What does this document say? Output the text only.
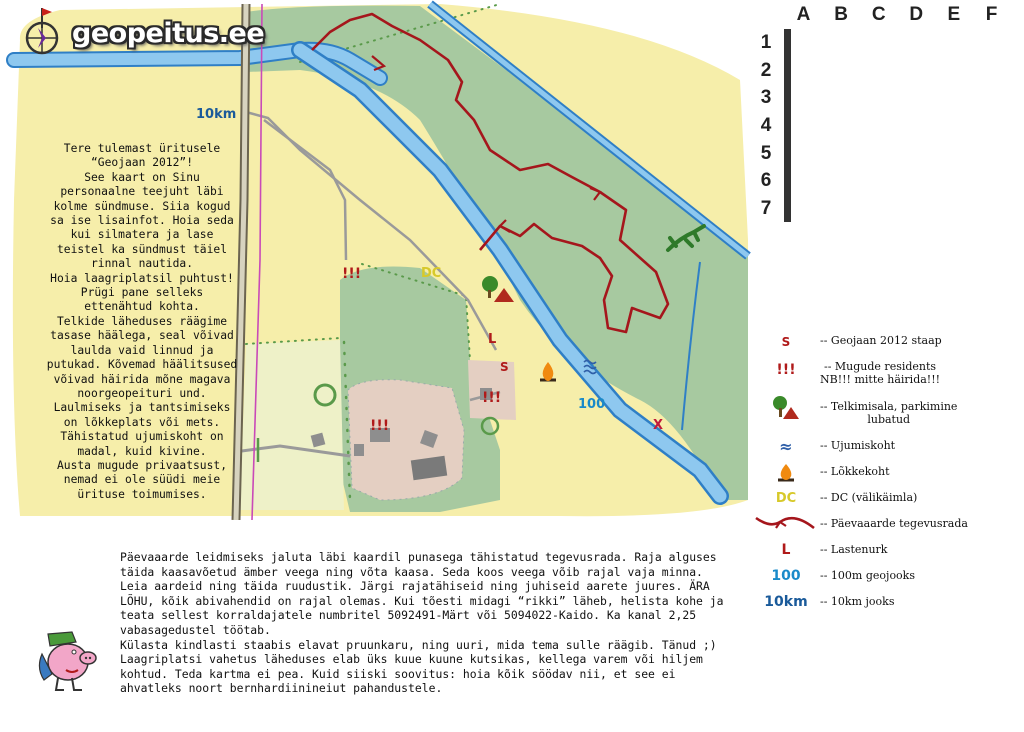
geopeitus.ee
10km
!!!
!!!
!!!
DC
L
S
100
X
Tere tulemast üritusele
“Geojaan 2012”!
See kaart on Sinu
personaalne teejuht läbi
kolme sündmuse. Siia kogud
sa ise lisainfot. Hoia seda
kui silmatera ja lase
teistel ka sündmust täiel
rinnal nautida.
Hoia laagriplatsil puhtust!
Prügi pane selleks
ettenähtud kohta.
Telkide läheduses räägime
tasase häälega, seal võivad
laulda vaid linnud ja
putukad. Kõvemad häälitsused
võivad häirida mõne magava
noorgeopeituri und.
Laulmiseks ja tantsimiseks
on lõkkeplats või mets.
Tähistatud ujumiskoht on
madal, kuid kivine.
Austa mugude privaatsust,
nemad ei ole süüdi meie
ürituse toimumises.
A	B	C	D	E	F
1
2
3
4
5
6
7

S	-- Geojaan 2012 staap
!!!	-- Mugude residents
NB!!! mitte häirida!!!
-- Telkimisala, parkimine
lubatud
≈	-- Ujumiskoht
-- Lõkkekoht
DC	-- DC (välikäimla)
-- Päevaaarde tegevusrada
L	-- Lastenurk
100	-- 100m geojooks
10km	-- 10km jooks
Päevaaarde leidmiseks jaluta läbi kaardil punasega tähistatud tegevusrada. Raja alguses
täida kaasavõetud ämber veega ning võta kaasa. Seda koos veega võib rajal vaja minna.
Leia aardeid ning täida ruudustik. Järgi rajatähiseid ning juhiseid aarete juures. ÄRA
LÕHU, kõik abivahendid on rajal olemas. Kui tõesti midagi “rikki” läheb, helista kohe ja
teata sellest korraldajatele numbritel 5092491-Märt või 5094022-Kaido. Ka kanal 2,25
vabasagedustel töötab.
Külasta kindlasti staabis elavat pruunkaru, ning uuri, mida tema sulle räägib. Tänud ;)
Laagriplatsi vahetus läheduses elab üks kuue kuune kutsikas, kellega varem või hiljem
kohtud. Teda kartma ei pea. Kuid siiski soovitus: hoia kõik söödav nii, et see ei
ahvatleks noort bernhardiinineiut pahandustele.
